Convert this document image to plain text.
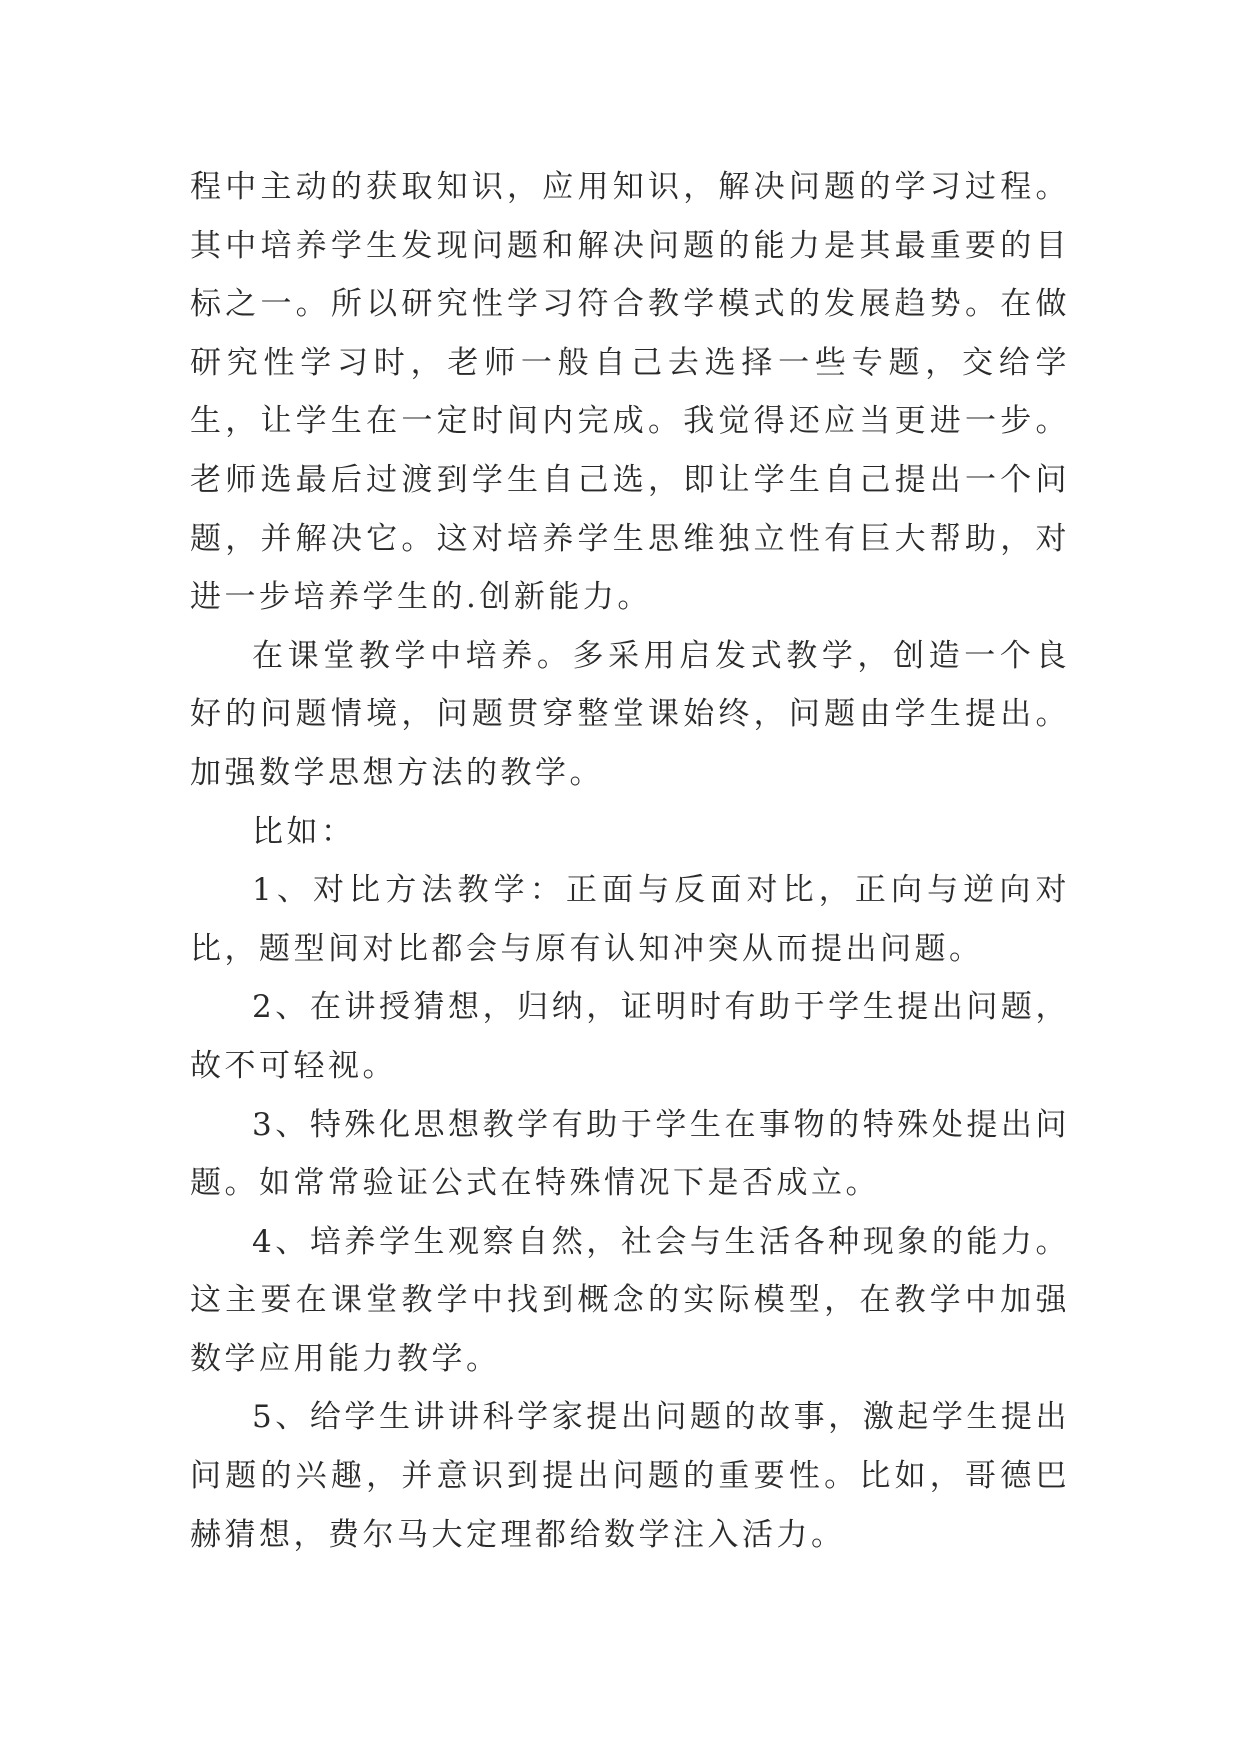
程中主动的获取知识，应用知识，解决问题的学习过程。其中培养学生发现问题和解决问题的能力是其最重要的目标之一。所以研究性学习符合教学模式的发展趋势。在做研究性学习时，老师一般自己去选择一些专题，交给学生，让学生在一定时间内完成。我觉得还应当更进一步。老师选最后过渡到学生自己选，即让学生自己提出一个问题，并解决它。这对培养学生思维独立性有巨大帮助，对进一步培养学生的.创新能力。

在课堂教学中培养。多采用启发式教学，创造一个良好的问题情境，问题贯穿整堂课始终，问题由学生提出。加强数学思想方法的教学。

比如：

1、对比方法教学：正面与反面对比，正向与逆向对比，题型间对比都会与原有认知冲突从而提出问题。

2、在讲授猜想，归纳，证明时有助于学生提出问题，故不可轻视。

3、特殊化思想教学有助于学生在事物的特殊处提出问题。如常常验证公式在特殊情况下是否成立。

4、培养学生观察自然，社会与生活各种现象的能力。这主要在课堂教学中找到概念的实际模型，在教学中加强数学应用能力教学。

5、给学生讲讲科学家提出问题的故事，激起学生提出问题的兴趣，并意识到提出问题的重要性。比如，哥德巴赫猜想，费尔马大定理都给数学注入活力。
